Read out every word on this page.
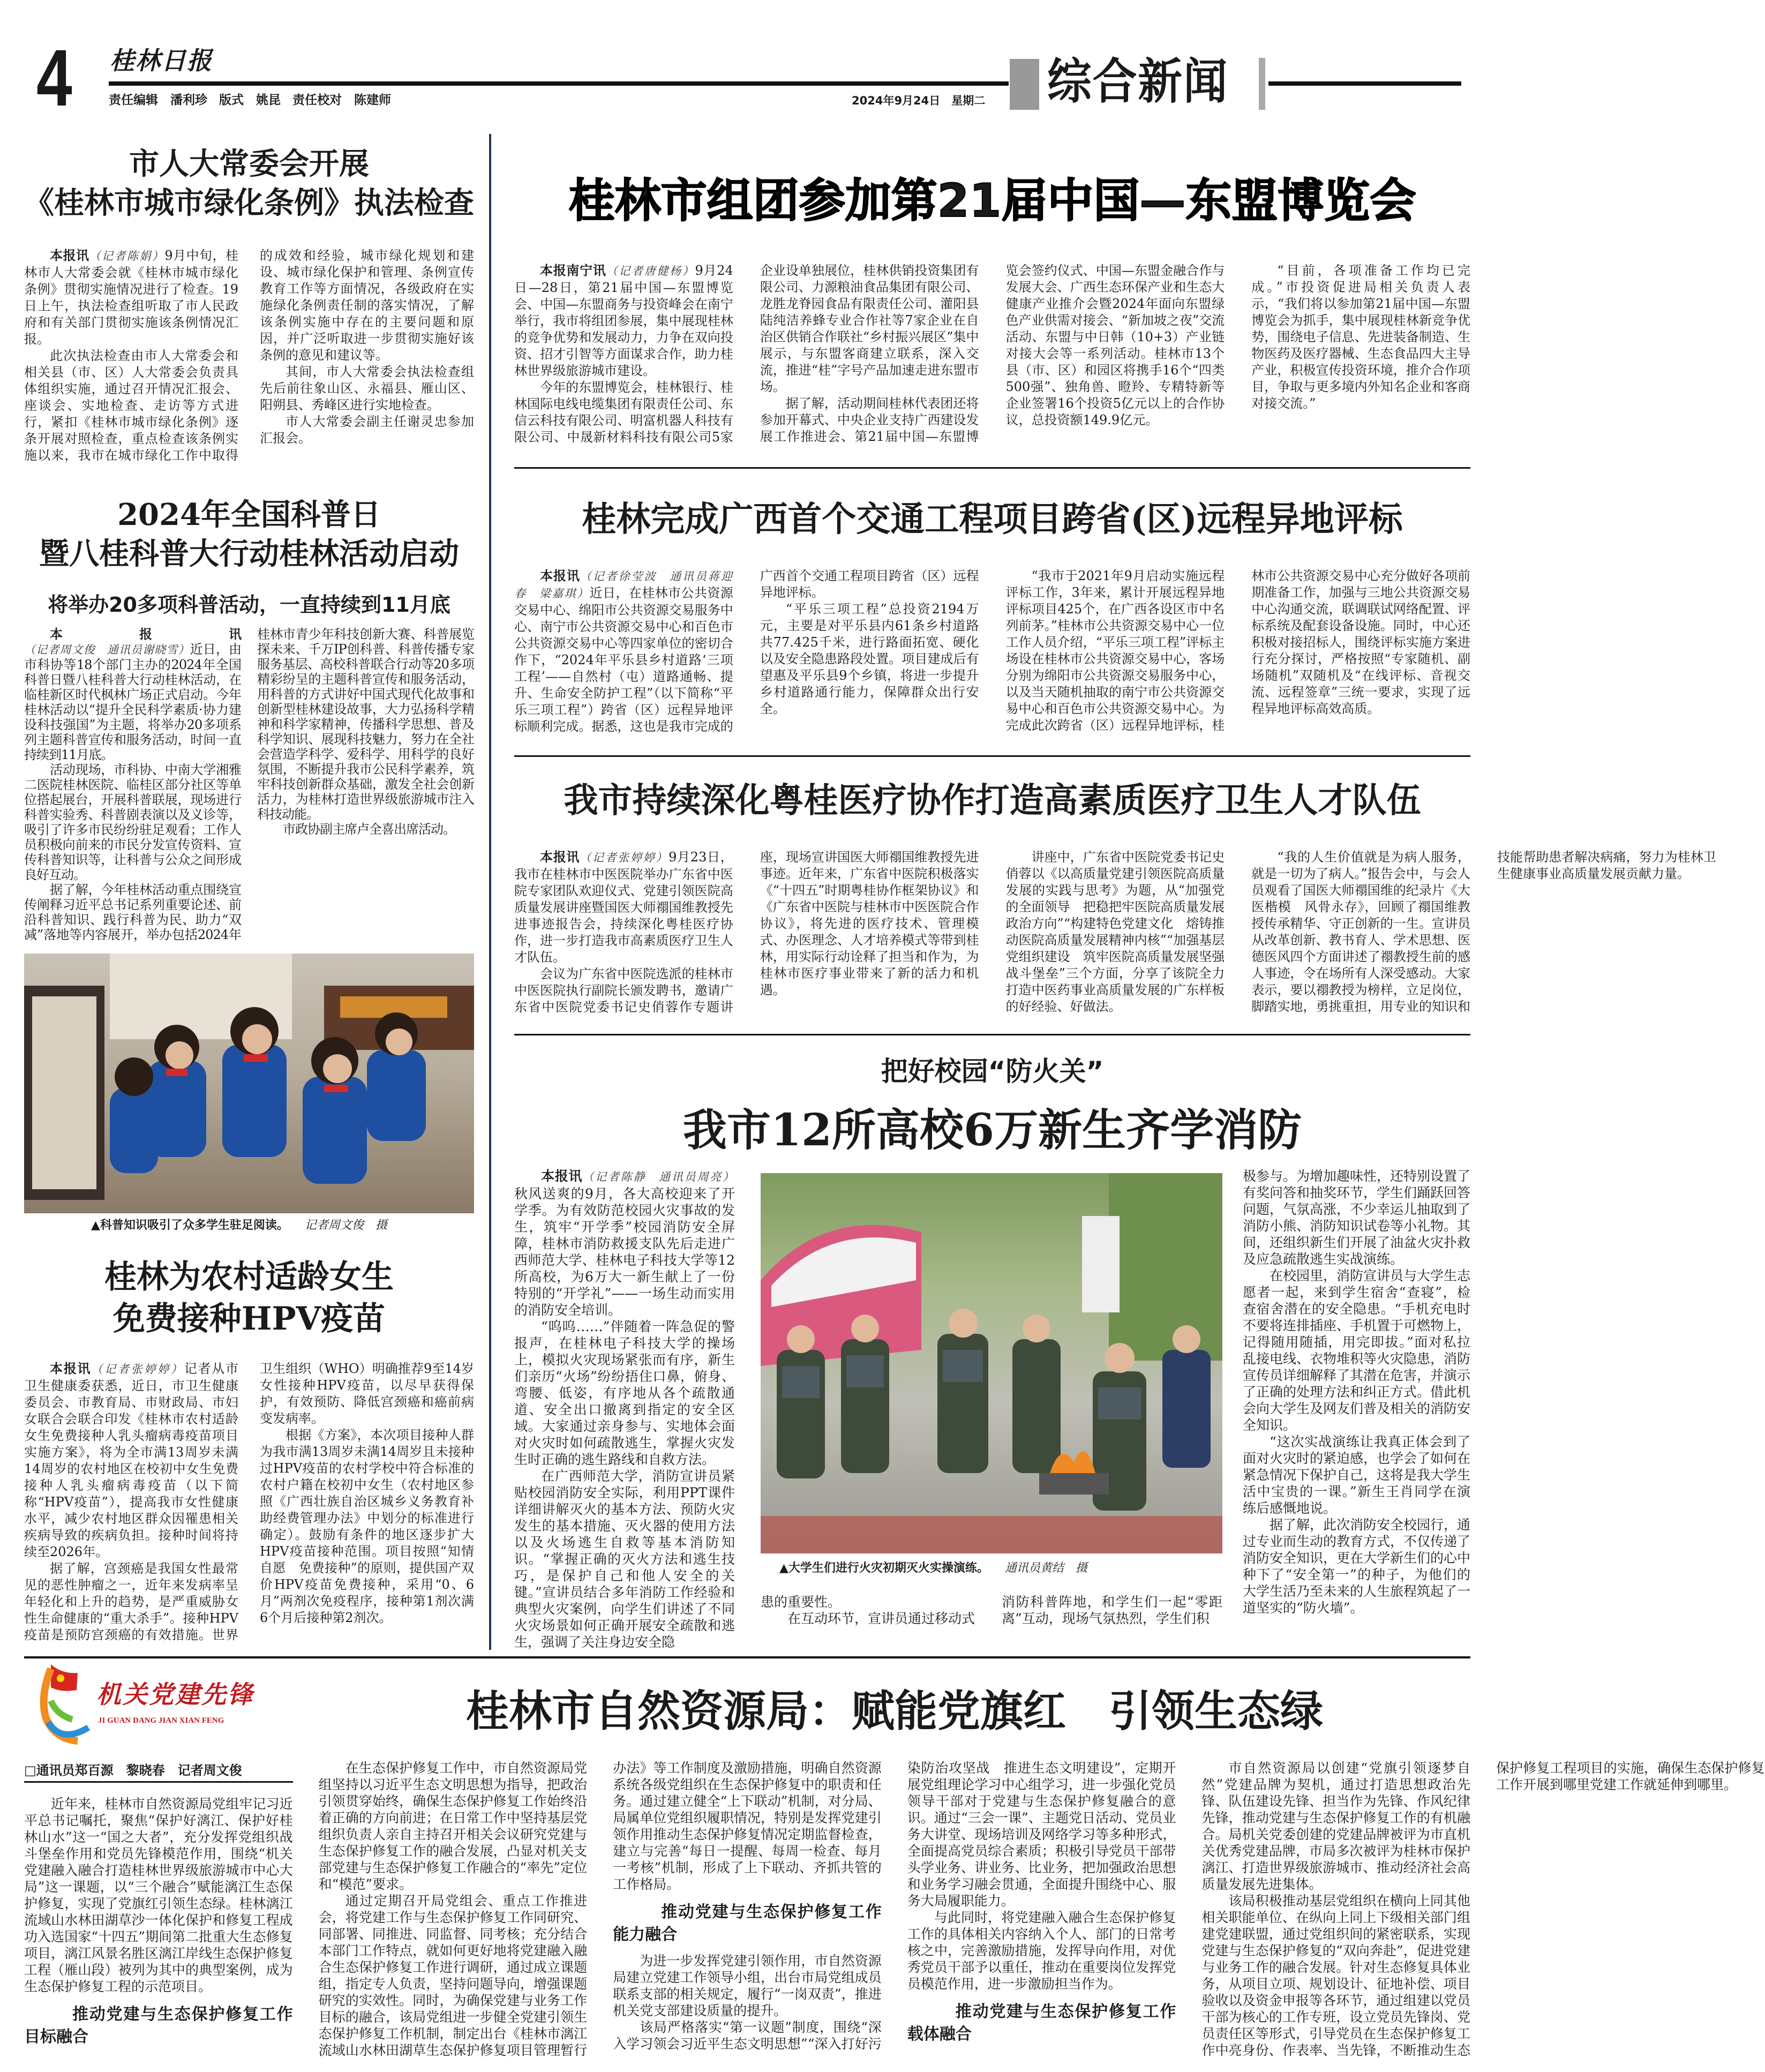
4 桂林日报
责任编辑　潘利珍 版式　姚昆 责任校对　陈建师	2024年9月24日　星期二 综合新闻
市人大常委会开展
《桂林市城市绿化条例》执法检查

本报讯（记者陈娟）9月中旬，桂林市人大常委会就《桂林市城市绿化条例》贯彻实施情况进行了检查。19日上午，执法检查组听取了市人民政府和有关部门贯彻实施该条例情况汇报。

此次执法检查由市人大常委会和相关县（市、区）人大常委会负责具体组织实施，通过召开情况汇报会、座谈会、实地检查、走访等方式进行，紧扣《桂林市城市绿化条例》逐条开展对照检查，重点检查该条例实施以来，我市在城市绿化工作中取得的成效和经验，城市绿化规划和建设、城市绿化保护和管理、条例宣传教育工作等方面情况，各级政府在实施绿化条例责任制的落实情况，了解该条例实施中存在的主要问题和原因，并广泛听取进一步贯彻实施好该条例的意见和建议等。

其间，市人大常委会执法检查组先后前往象山区、永福县、雁山区、阳朔县、秀峰区进行实地检查。

市人大常委会副主任谢灵忠参加汇报会。

2024年全国科普日
暨八桂科普大行动桂林活动启动
将举办20多项科普活动，一直持续到11月底

本报讯（记者周文俊　通讯员谢晓雪）近日，由市科协等18个部门主办的2024年全国科普日暨八桂科普大行动桂林活动，在临桂新区时代枫林广场正式启动。今年桂林活动以“提升全民科学素质·协力建设科技强国”为主题，将举办20多项系列主题科普宣传和服务活动，时间一直持续到11月底。

活动现场，市科协、中南大学湘雅二医院桂林医院、临桂区部分社区等单位搭起展台，开展科普联展，现场进行科普实验秀、科普剧表演以及义诊等，吸引了许多市民纷纷驻足观看；工作人员积极向前来的市民分发宣传资料、宣传科普知识等，让科普与公众之间形成良好互动。

据了解，今年桂林活动重点围绕宣传阐释习近平总书记系列重要论述、前沿科普知识、践行科普为民、助力“双减”落地等内容展开，举办包括2024年桂林市青少年科技创新大赛、科普展览探未来、千万IP创科普、科普传播专家服务基层、高校科普联合行动等20多项精彩纷呈的主题科普宣传和服务活动，用科普的方式讲好中国式现代化故事和创新型桂林建设故事，大力弘扬科学精神和科学家精神，传播科学思想、普及科学知识、展现科技魅力，努力在全社会营造学科学、爱科学、用科学的良好氛围，不断提升我市公民科学素养，筑牢科技创新群众基础，激发全社会创新活力，为桂林打造世界级旅游城市注入科技动能。

市政协副主席卢全喜出席活动。

▲科普知识吸引了众多学生驻足阅读。 记者周文俊　摄
桂林为农村适龄女生
免费接种HPV疫苗

本报讯（记者张婷婷）记者从市卫生健康委获悉，近日，市卫生健康委员会、市教育局、市财政局、市妇女联合会联合印发《桂林市农村适龄女生免费接种人乳头瘤病毒疫苗项目实施方案》，将为全市满13周岁未满14周岁的农村地区在校初中女生免费接种人乳头瘤病毒疫苗（以下简称“HPV疫苗”），提高我市女性健康水平，减少农村地区群众因罹患相关疾病导致的疾病负担。接种时间将持续至2026年。

据了解，宫颈癌是我国女性最常见的恶性肿瘤之一，近年来发病率呈年轻化和上升的趋势，是严重威胁女性生命健康的“重大杀手”。接种HPV疫苗是预防宫颈癌的有效措施。世界卫生组织（WHO）明确推荐9至14岁女性接种HPV疫苗，以尽早获得保护，有效预防、降低宫颈癌和癌前病变发病率。

根据《方案》，本次项目接种人群为我市满13周岁未满14周岁且未接种过HPV疫苗的农村学校中符合标准的农村户籍在校初中女生（农村地区参照《广西壮族自治区城乡义务教育补助经费管理办法》中划分的标准进行确定）。鼓励有条件的地区逐步扩大HPV疫苗接种范围。项目按照“知情自愿　免费接种”的原则，提供国产双价HPV疫苗免费接种，采用“0、6月”两剂次免疫程序，接种第1剂次满6个月后接种第2剂次。

桂林市组团参加第21届中国—东盟博览会

本报南宁讯（记者唐健杨）9月24日—28日，第21届中国—东盟博览会、中国—东盟商务与投资峰会在南宁举行，我市将组团参展，集中展现桂林的竞争优势和发展动力，力争在双向投资、招才引智等方面谋求合作，助力桂林世界级旅游城市建设。

今年的东盟博览会，桂林银行、桂林国际电线电缆集团有限责任公司、东信云科技有限公司、明富机器人科技有限公司、中晟新材料科技有限公司5家企业设单独展位，桂林供销投资集团有限公司、力源粮油食品集团有限公司、龙胜龙脊园食品有限责任公司、灌阳县陆纯洁养蜂专业合作社等7家企业在自治区供销合作联社“乡村振兴展区”集中展示，与东盟客商建立联系，深入交流，推进“桂”字号产品加速走进东盟市场。

据了解，活动期间桂林代表团还将参加开幕式、中央企业支持广西建设发展工作推进会、第21届中国—东盟博览会签约仪式、中国—东盟金融合作与发展大会、广西生态环保产业和生态大健康产业推介会暨2024年面向东盟绿色产业供需对接会、“新加坡之夜”交流活动、东盟与中日韩（10+3）产业链对接大会等一系列活动。桂林市13个县（市、区）和园区将携手16个“四类500强”、独角兽、瞪羚、专精特新等企业签署16个投资5亿元以上的合作协议，总投资额149.9亿元。

“目前，各项准备工作均已完成。”市投资促进局相关负责人表示，“我们将以参加第21届中国—东盟博览会为抓手，集中展现桂林新竞争优势，围绕电子信息、先进装备制造、生物医药及医疗器械、生态食品四大主导产业，积极宣传投资环境，推介合作项目，争取与更多境内外知名企业和客商对接交流。”

桂林完成广西首个交通工程项目跨省(区)远程异地评标

本报讯（记者徐莹波　通讯员蒋迎春　梁嘉琪）近日，在桂林市公共资源交易中心、绵阳市公共资源交易服务中心、南宁市公共资源交易中心和百色市公共资源交易中心等四家单位的密切合作下，“2024年平乐县乡村道路‘三项工程’——自然村（屯）道路通畅、提升、生命安全防护工程”（以下简称“平乐三项工程”）跨省（区）远程异地评标顺利完成。据悉，这也是我市完成的广西首个交通工程项目跨省（区）远程异地评标。

“平乐三项工程”总投资2194万元，主要是对平乐县内61条乡村道路共77.425千米，进行路面拓宽、硬化以及安全隐患路段处置。项目建成后有望惠及平乐县9个乡镇，将进一步提升乡村道路通行能力，保障群众出行安全。

“我市于2021年9月启动实施远程评标工作，3年来，累计开展远程异地评标项目425个，在广西各设区市中名列前茅。”桂林市公共资源交易中心一位工作人员介绍，“平乐三项工程”评标主场设在桂林市公共资源交易中心，客场分别为绵阳市公共资源交易服务中心，以及当天随机抽取的南宁市公共资源交易中心和百色市公共资源交易中心。为完成此次跨省（区）远程异地评标，桂林市公共资源交易中心充分做好各项前期准备工作，加强与三地公共资源交易中心沟通交流，联调联试网络配置、评标系统及配套设备设施。同时，中心还积极对接招标人，围绕评标实施方案进行充分探讨，严格按照“专家随机、副场随机”双随机及“在线评标、音视交流、远程签章”三统一要求，实现了远程异地评标高效高质。

我市持续深化粤桂医疗协作打造高素质医疗卫生人才队伍

本报讯（记者张婷婷）9月23日，我市在桂林市中医医院举办广东省中医院专家团队欢迎仪式、党建引领医院高质量发展讲座暨国医大师禤国维教授先进事迹报告会，持续深化粤桂医疗协作，进一步打造我市高素质医疗卫生人才队伍。

会议为广东省中医院选派的桂林市中医医院执行副院长颁发聘书，邀请广东省中医院党委书记史俏蓉作专题讲座，现场宣讲国医大师禤国维教授先进事迹。近年来，广东省中医院积极落实《“十四五”时期粤桂协作框架协议》和《广东省中医院与桂林市中医医院合作协议》，将先进的医疗技术、管理模式、办医理念、人才培养模式等带到桂林，用实际行动诠释了担当和作为，为桂林市医疗事业带来了新的活力和机遇。

讲座中，广东省中医院党委书记史俏蓉以《以高质量党建引领医院高质量发展的实践与思考》为题，从“加强党的全面领导　把稳把牢医院高质量发展政治方向”“构建特色党建文化　熔铸推动医院高质量发展精神内核”“加强基层党组织建设　筑牢医院高质量发展坚强战斗堡垒”三个方面，分享了该院全力打造中医药事业高质量发展的广东样板的好经验、好做法。

“我的人生价值就是为病人服务，就是一切为了病人。”报告会中，与会人员观看了国医大师禤国维的纪录片《大医楷模　风骨永存》，回顾了禤国维教授传承精华、守正创新的一生。宣讲员从改革创新、教书育人、学术思想、医德医风四个方面讲述了禤教授生前的感人事迹，令在场所有人深受感动。大家表示，要以禤教授为榜样，立足岗位，脚踏实地，勇挑重担，用专业的知识和技能帮助患者解决病痛，努力为桂林卫生健康事业高质量发展贡献力量。

把好校园“防火关”
我市12所高校6万新生齐学消防

本报讯（记者陈静　通讯员周亮）秋风送爽的9月，各大高校迎来了开学季。为有效防范校园火灾事故的发生，筑牢“开学季”校园消防安全屏障，桂林市消防救援支队先后走进广西师范大学、桂林电子科技大学等12所高校，为6万大一新生献上了一份特别的“开学礼”——一场生动而实用的消防安全培训。

“呜呜……”伴随着一阵急促的警报声，在桂林电子科技大学的操场上，模拟火灾现场紧张而有序，新生们亲历“火场”纷纷捂住口鼻，俯身、弯腰、低姿，有序地从各个疏散通道、安全出口撤离到指定的安全区域。大家通过亲身参与、实地体会面对火灾时如何疏散逃生，掌握火灾发生时正确的逃生路线和自救方法。

在广西师范大学，消防宣讲员紧贴校园消防安全实际，利用PPT课件详细讲解灭火的基本方法、预防火灾发生的基本措施、灭火器的使用方法以及火场逃生自救等基本消防知识。“掌握正确的灭火方法和逃生技巧，是保护自己和他人安全的关键。”宣讲员结合多年消防工作经验和典型火灾案例，向学生们讲述了不同火灾场景如何正确开展安全疏散和逃生，强调了关注身边安全隐

▲大学生们进行火灾初期灭火实操演练。 通讯员黄结　摄

患的重要性。

在互动环节，宣讲员通过移动式

消防科普阵地，和学生们一起“零距离”互动，现场气氛热烈，学生们积

极参与。为增加趣味性，还特别设置了有奖问答和抽奖环节，学生们踊跃回答问题，气氛高涨，不少幸运儿抽取到了消防小熊、消防知识试卷等小礼物。其间，还组织新生们开展了油盆火灾扑救及应急疏散逃生实战演练。

在校园里，消防宣讲员与大学生志愿者一起，来到学生宿舍“查寝”，检查宿舍潜在的安全隐患。“手机充电时不要将连排插座、手机置于可燃物上，记得随用随插，用完即拔。”面对私拉乱接电线、衣物堆积等火灾隐患，消防宣传员详细解释了其潜在危害，并演示了正确的处理方法和纠正方式。借此机会向大学生及网友们普及相关的消防安全知识。

“这次实战演练让我真正体会到了面对火灾时的紧迫感，也学会了如何在紧急情况下保护自己，这将是我大学生活中宝贵的一课。”新生王肖同学在演练后感慨地说。

据了解，此次消防安全校园行，通过专业而生动的教育方式，不仅传递了消防安全知识，更在大学新生们的心中种下了“安全第一”的种子，为他们的大学生活乃至未来的人生旅程筑起了一道坚实的“防火墙”。

机关党建先锋
JI GUAN DANG JIAN XIAN FENG	桂林市自然资源局：赋能党旗红　引领生态绿

□通讯员郑百源　黎晓春　记者周文俊

近年来，桂林市自然资源局党组牢记习近平总书记嘱托，聚焦“保护好漓江、保护好桂林山水”这一“国之大者”，充分发挥党组织战斗堡垒作用和党员先锋模范作用，围绕“机关党建融入融合打造桂林世界级旅游城市中心大局”这一课题，以“三个融合”赋能漓江生态保护修复，实现了党旗红引领生态绿。桂林漓江流域山水林田湖草沙一体化保护和修复工程成功入选国家“十四五”期间第二批重大生态修复项目，漓江风景名胜区漓江岸线生态保护修复工程（雁山段）被列为其中的典型案例，成为生态保护修复工程的示范项目。

推动党建与生态保护修复工作目标融合

在生态保护修复工作中，市自然资源局党组坚持以习近平生态文明思想为指导，把政治引领贯穿始终，确保生态保护修复工作始终沿着正确的方向前进；在日常工作中坚持基层党组织负责人亲自主持召开相关会议研究党建与生态保护修复工作的融合发展，凸显对机关支部党建与生态保护修复工作融合的“率先”定位和“模范”要求。

通过定期召开局党组会、重点工作推进会，将党建工作与生态保护修复工作同研究、同部署、同推进、同监督、同考核；充分结合本部门工作特点，就如何更好地将党建融入融合生态保护修复工作进行调研，通过成立课题组，指定专人负责，坚持问题导向，增强课题研究的实效性。同时，为确保党建与业务工作目标的融合，该局党组进一步健全党建引领生态保护修复工作机制，制定出台《桂林市漓江流域山水林田湖草生态保护修复项目管理暂行办法》等工作制度及激励措施，明确自然资源系统各级党组织在生态保护修复中的职责和任务。通过建立健全“上下联动”机制，对分局、局属单位党组织履职情况，特别是发挥党建引领作用推动生态保护修复情况定期监督检查，建立与完善“每日一提醒、每周一检查、每月一考核”机制，形成了上下联动、齐抓共管的工作格局。

推动党建与生态保护修复工作能力融合

为进一步发挥党建引领作用，市自然资源局建立党建工作领导小组，出台市局党组成员联系支部的相关规定，履行“一岗双责”，推进机关党支部建设质量的提升。

该局严格落实“第一议题”制度，围绕“深入学习领会习近平生态文明思想”“深入打好污染防治攻坚战　推进生态文明建设”，定期开展党组理论学习中心组学习，进一步强化党员领导干部对于党建与生态保护修复融合的意识。通过“三会一课”、主题党日活动、党员业务大讲堂、现场培训及网络学习等多种形式，全面提高党员综合素质；积极引导党员干部带头学业务、讲业务、比业务，把加强政治思想和业务学习融会贯通，全面提升围绕中心、服务大局履职能力。

与此同时，将党建融入融合生态保护修复工作的具体相关内容纳入个人、部门的日常考核之中，完善激励措施，发挥导向作用，对优秀党员干部予以重任，推动在重要岗位发挥党员模范作用，进一步激励担当作为。

推动党建与生态保护修复工作载体融合

市自然资源局以创建“党旗引领逐梦自然”党建品牌为契机，通过打造思想政治先锋、队伍建设先锋、担当作为先锋、作风纪律先锋，推动党建与生态保护修复工作的有机融合。局机关党委创建的党建品牌被评为市直机关优秀党建品牌，市局多次被评为桂林市保护漓江、打造世界级旅游城市、推动经济社会高质量发展先进集体。

该局积极推动基层党组织在横向上同其他相关职能单位、在纵向上同上下级相关部门组建党建联盟，通过党组织间的紧密联系，实现党建与生态保护修复的“双向奔赴”，促进党建与业务工作的融合发展。针对生态修复具体业务，从项目立项、规划设计、征地补偿、项目验收以及资金申报等各环节，通过组建以党员干部为核心的工作专班，设立党员先锋岗、党员责任区等形式，引导党员在生态保护修复工作中亮身份、作表率、当先锋，不断推动生态保护修复工程项目的实施，确保生态保护修复工作开展到哪里党建工作就延伸到哪里。
